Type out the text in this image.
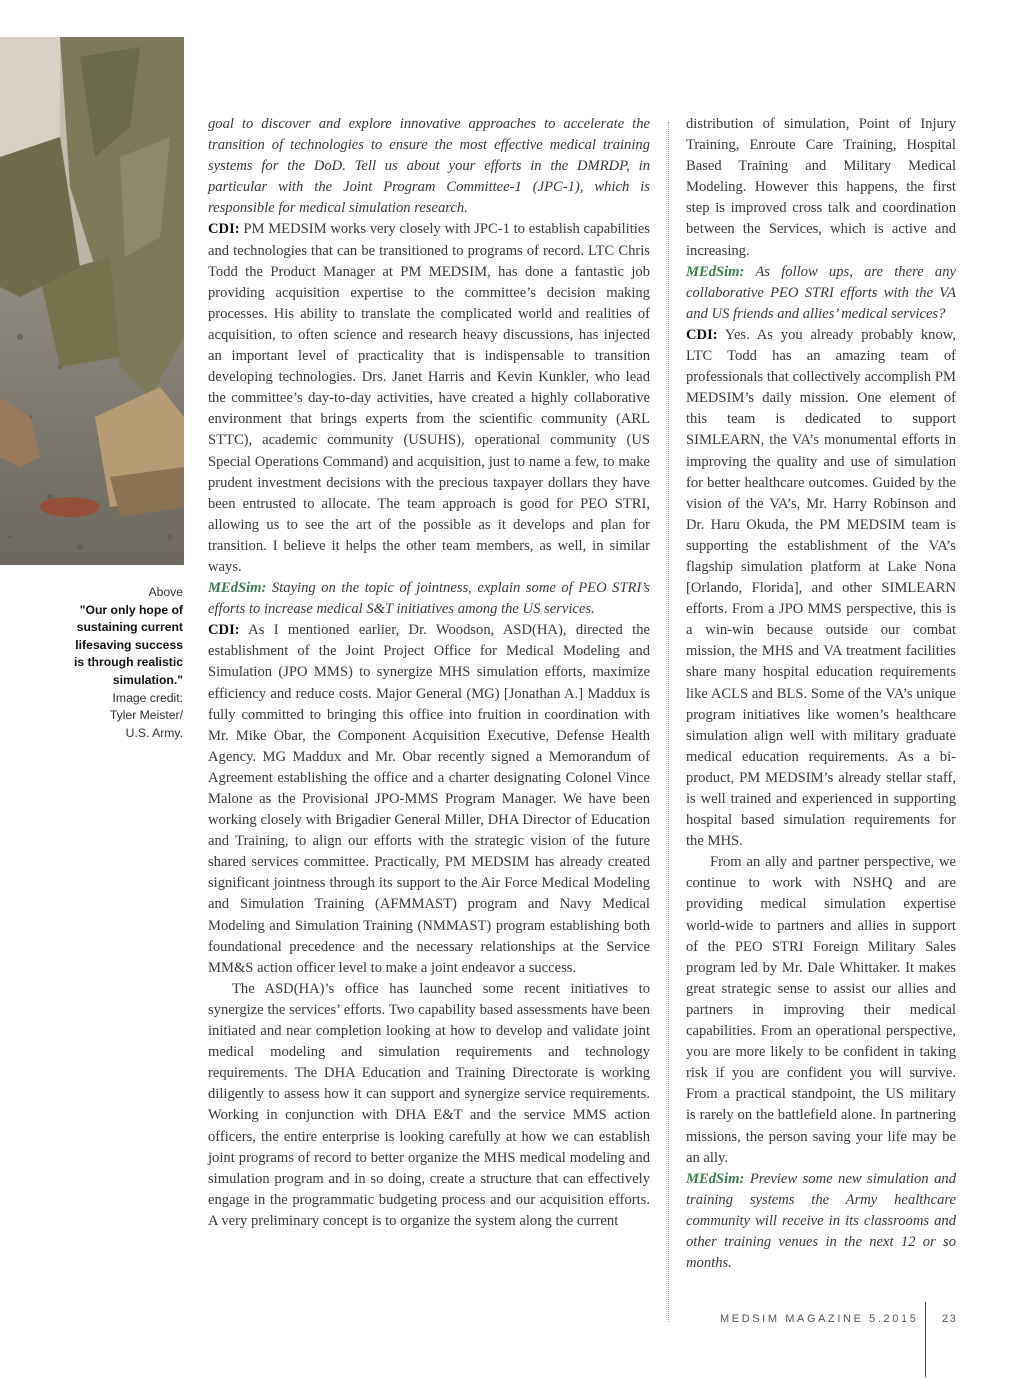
Above
"Our only hope of
sustaining current
lifesaving success
is through realistic
simulation."
Image credit:
Tyler Meister/
U.S. Army.

goal to discover and explore innovative approaches to accelerate the transition of technologies to ensure the most effective medical training systems for the DoD. Tell us about your efforts in the DMRDP, in particular with the Joint Program Committee-1 (JPC-1), which is responsible for medical simulation research.

CDI: PM MEDSIM works very closely with JPC-1 to establish capabilities and technologies that can be transitioned to programs of record. LTC Chris Todd the Product Manager at PM MEDSIM, has done a fantastic job providing acquisition expertise to the committee’s decision making processes. His ability to translate the complicated world and realities of acquisition, to often science and research heavy discussions, has injected an important level of practicality that is indispensable to transition developing technologies. Drs. Janet Harris and Kevin Kunkler, who lead the committee’s day-to-day activities, have created a highly collaborative environment that brings experts from the scientific community (ARL STTC), academic community (USUHS), operational community (US Special Operations Command) and acquisition, just to name a few, to make prudent investment decisions with the precious taxpayer dollars they have been entrusted to allocate. The team approach is good for PEO STRI, allowing us to see the art of the possible as it develops and plan for transition. I believe it helps the other team members, as well, in similar ways.

MEdSim: Staying on the topic of jointness, explain some of PEO STRI’s efforts to increase medical S&T initiatives among the US services.

CDI: As I mentioned earlier, Dr. Woodson, ASD(HA), directed the establishment of the Joint Project Office for Medical Modeling and Simulation (JPO MMS) to synergize MHS simulation efforts, maximize efficiency and reduce costs. Major General (MG) [Jonathan A.] Maddux is fully committed to bringing this office into fruition in coordination with Mr. Mike Obar, the Component Acquisition Executive, Defense Health Agency. MG Maddux and Mr. Obar recently signed a Memorandum of Agreement establishing the office and a charter designating Colonel Vince Malone as the Provisional JPO-MMS Program Manager. We have been working closely with Brigadier General Miller, DHA Director of Education and Training, to align our efforts with the strategic vision of the future shared services committee. Practically, PM MEDSIM has already created significant jointness through its support to the Air Force Medical Modeling and Simulation Training (AFMMAST) program and Navy Medical Modeling and Simulation Training (NMMAST) program establishing both foundational precedence and the necessary relationships at the Service MM&S action officer level to make a joint endeavor a success.

The ASD(HA)’s office has launched some recent initiatives to synergize the services’ efforts. Two capability based assessments have been initiated and near completion looking at how to develop and validate joint medical modeling and simulation requirements and technology requirements. The DHA Education and Training Directorate is working diligently to assess how it can support and synergize service requirements. Working in conjunction with DHA E&T and the service MMS action officers, the entire enterprise is looking carefully at how we can establish joint programs of record to better organize the MHS medical modeling and simulation program and in so doing, create a structure that can effectively engage in the programmatic budgeting process and our acquisition efforts. A very preliminary concept is to organize the system along the current

distribution of simulation, Point of Injury Training, Enroute Care Training, Hospital Based Training and Military Medical Modeling. However this happens, the first step is improved cross talk and coordination between the Services, which is active and increasing.

MEdSim: As follow ups, are there any collaborative PEO STRI efforts with the VA and US friends and allies’ medical services?

CDI: Yes. As you already probably know, LTC Todd has an amazing team of professionals that collectively accomplish PM MEDSIM’s daily mission. One element of this team is dedicated to support SIMLEARN, the VA’s monumental efforts in improving the quality and use of simulation for better healthcare outcomes. Guided by the vision of the VA’s, Mr. Harry Robinson and Dr. Haru Okuda, the PM MEDSIM team is supporting the establishment of the VA’s flagship simulation platform at Lake Nona [Orlando, Florida], and other SIMLEARN efforts. From a JPO MMS perspective, this is a win-win because outside our combat mission, the MHS and VA treatment facilities share many hospital education requirements like ACLS and BLS. Some of the VA’s unique program initiatives like women’s healthcare simulation align well with military graduate medical education requirements. As a bi-product, PM MEDSIM’s already stellar staff, is well trained and experienced in supporting hospital based simulation requirements for the MHS.

From an ally and partner perspective, we continue to work with NSHQ and are providing medical simulation expertise world-wide to partners and allies in support of the PEO STRI Foreign Military Sales program led by Mr. Dale Whittaker. It makes great strategic sense to assist our allies and partners in improving their medical capabilities. From an operational perspective, you are more likely to be confident in taking risk if you are confident you will survive. From a practical standpoint, the US military is rarely on the battlefield alone. In partnering missions, the person saving your life may be an ally.

MEdSim: Preview some new simulation and training systems the Army healthcare community will receive in its classrooms and other training venues in the next 12 or so months.

MEDSIM MAGAZINE 5.2015 23
